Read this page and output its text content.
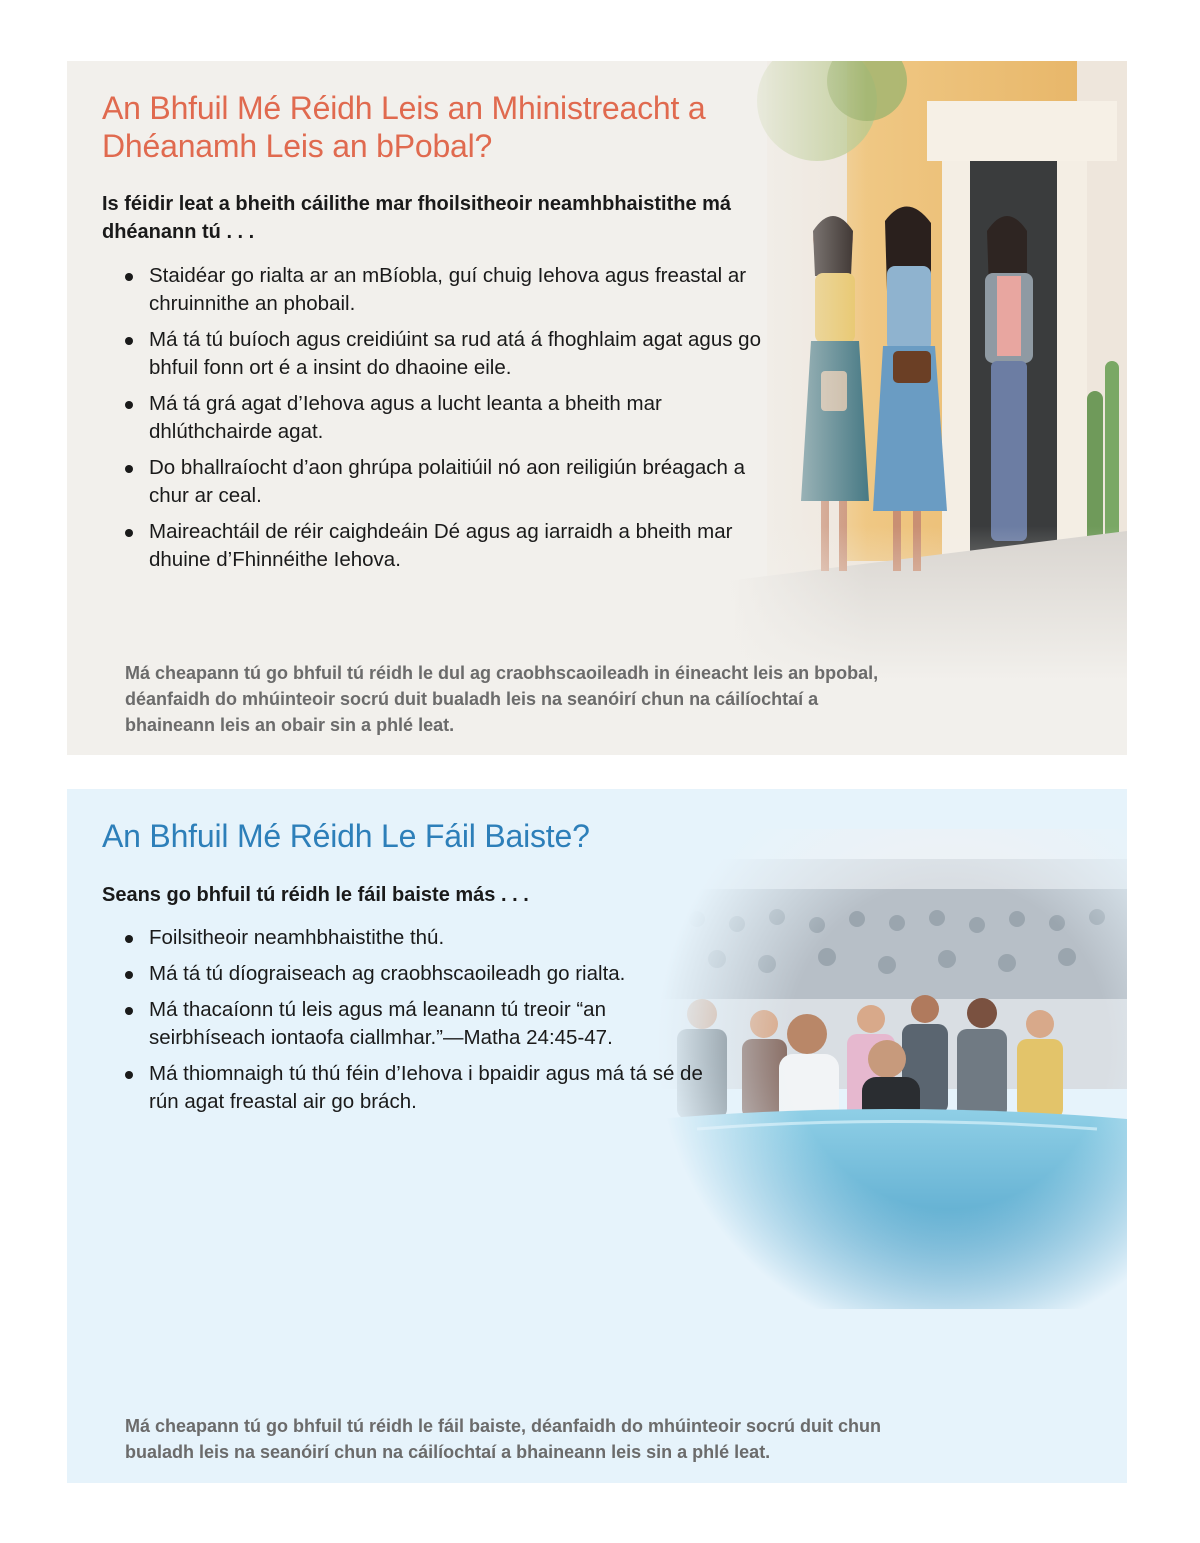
An Bhfuil Mé Réidh Leis an Mhinistreacht a Dhéanamh Leis an bPobal?

Is féidir leat a bheith cáilithe mar fhoilsitheoir neamhbhaistithe má dhéanann tú . . .

Staidéar go rialta ar an mBíobla, guí chuig Iehova agus freastal ar chruinnithe an phobail.
Má tá tú buíoch agus creidiúint sa rud atá á fhoghlaim agat agus go bhfuil fonn ort é a insint do dhaoine eile.
Má tá grá agat d’Iehova agus a lucht leanta a bheith mar dhlúthchairde agat.
Do bhallraíocht d’aon ghrúpa polaitiúil nó aon reiligiún bréagach a chur ar ceal.
Maireachtáil de réir caighdeáin Dé agus ag iarraidh a bheith mar dhuine d’Fhinnéithe Iehova.

Má cheapann tú go bhfuil tú réidh le dul ag craobhscaoileadh in éineacht leis an bpobal, déanfaidh do mhúinteoir socrú duit bualadh leis na seanóirí chun na cáilíochtaí a bhaineann leis an obair sin a phlé leat.

An Bhfuil Mé Réidh Le Fáil Baiste?

Seans go bhfuil tú réidh le fáil baiste más . . .

Foilsitheoir neamhbhaistithe thú.
Má tá tú díograiseach ag craobhscaoileadh go rialta.
Má thacaíonn tú leis agus má leanann tú treoir “an seirbhíseach iontaofa ciallmhar.”—Matha 24:45-47.
Má thiomnaigh tú thú féin d’Iehova i bpaidir agus má tá sé de rún agat freastal air go brách.

Má cheapann tú go bhfuil tú réidh le fáil baiste, déanfaidh do mhúinteoir socrú duit chun bualadh leis na seanóirí chun na cáilíochtaí a bhaineann leis sin a phlé leat.
